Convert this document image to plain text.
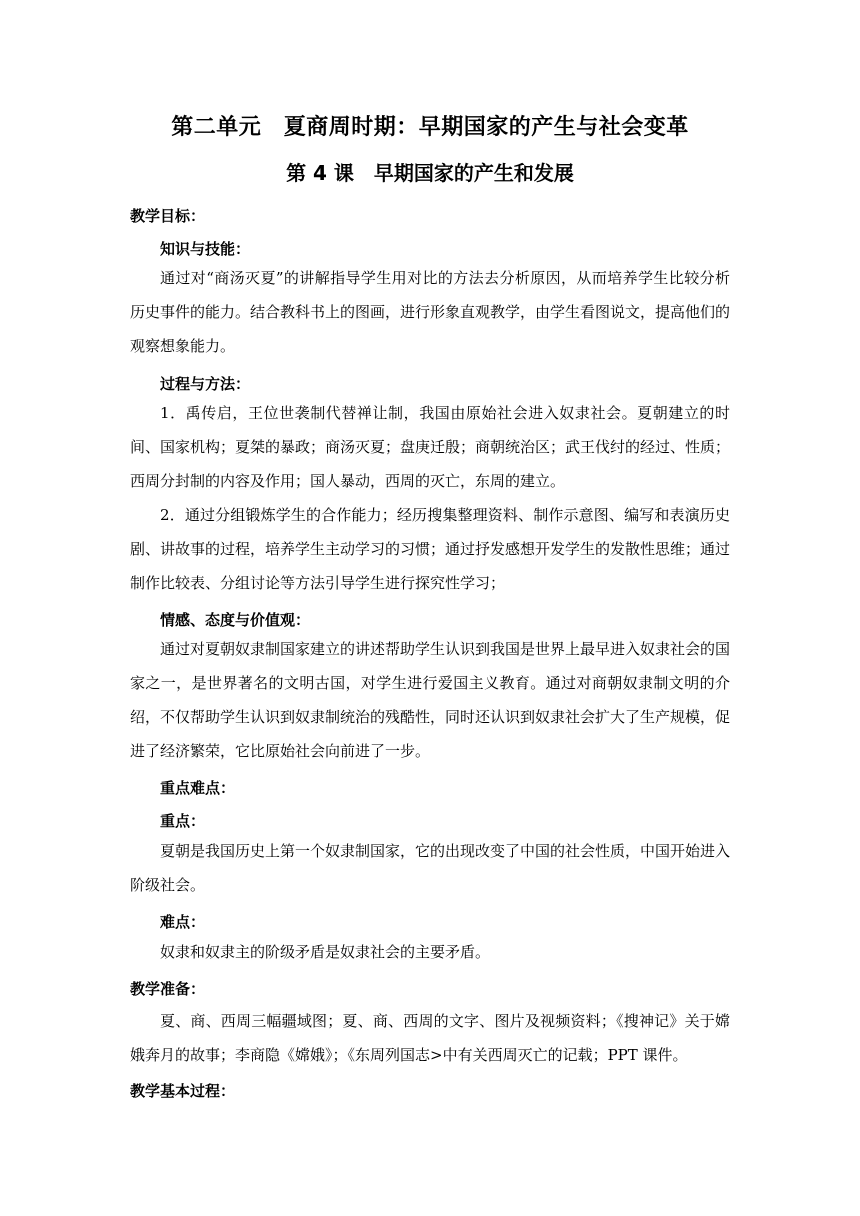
第二单元　夏商周时期：早期国家的产生与社会变革
第 4 课　早期国家的产生和发展
教学目标：
知识与技能：

通过对“商汤灭夏”的讲解指导学生用对比的方法去分析原因，从而培养学生比较分析历史事件的能力。结合教科书上的图画，进行形象直观教学，由学生看图说文，提高他们的观察想象能力。

过程与方法：

1．禹传启，王位世袭制代替禅让制，我国由原始社会进入奴隶社会。夏朝建立的时间、国家机构；夏桀的暴政；商汤灭夏；盘庚迁殷；商朝统治区；武王伐纣的经过、性质；西周分封制的内容及作用；国人暴动，西周的灭亡，东周的建立。

2．通过分组锻炼学生的合作能力；经历搜集整理资料、制作示意图、编写和表演历史剧、讲故事的过程，培养学生主动学习的习惯；通过抒发感想开发学生的发散性思维；通过制作比较表、分组讨论等方法引导学生进行探究性学习；

情感、态度与价值观：

通过对夏朝奴隶制国家建立的讲述帮助学生认识到我国是世界上最早进入奴隶社会的国家之一，是世界著名的文明古国，对学生进行爱国主义教育。通过对商朝奴隶制文明的介绍，不仅帮助学生认识到奴隶制统治的残酷性，同时还认识到奴隶社会扩大了生产规模，促进了经济繁荣，它比原始社会向前进了一步。

重点难点：
重点：

夏朝是我国历史上第一个奴隶制国家，它的出现改变了中国的社会性质，中国开始进入阶级社会。

难点：

奴隶和奴隶主的阶级矛盾是奴隶社会的主要矛盾。

教学准备：

夏、商、西周三幅疆域图；夏、商、西周的文字、图片及视频资料；《搜神记》关于嫦娥奔月的故事；李商隐《嫦娥》；《东周列国志>中有关西周灭亡的记载；PPT 课件。

教学基本过程：
